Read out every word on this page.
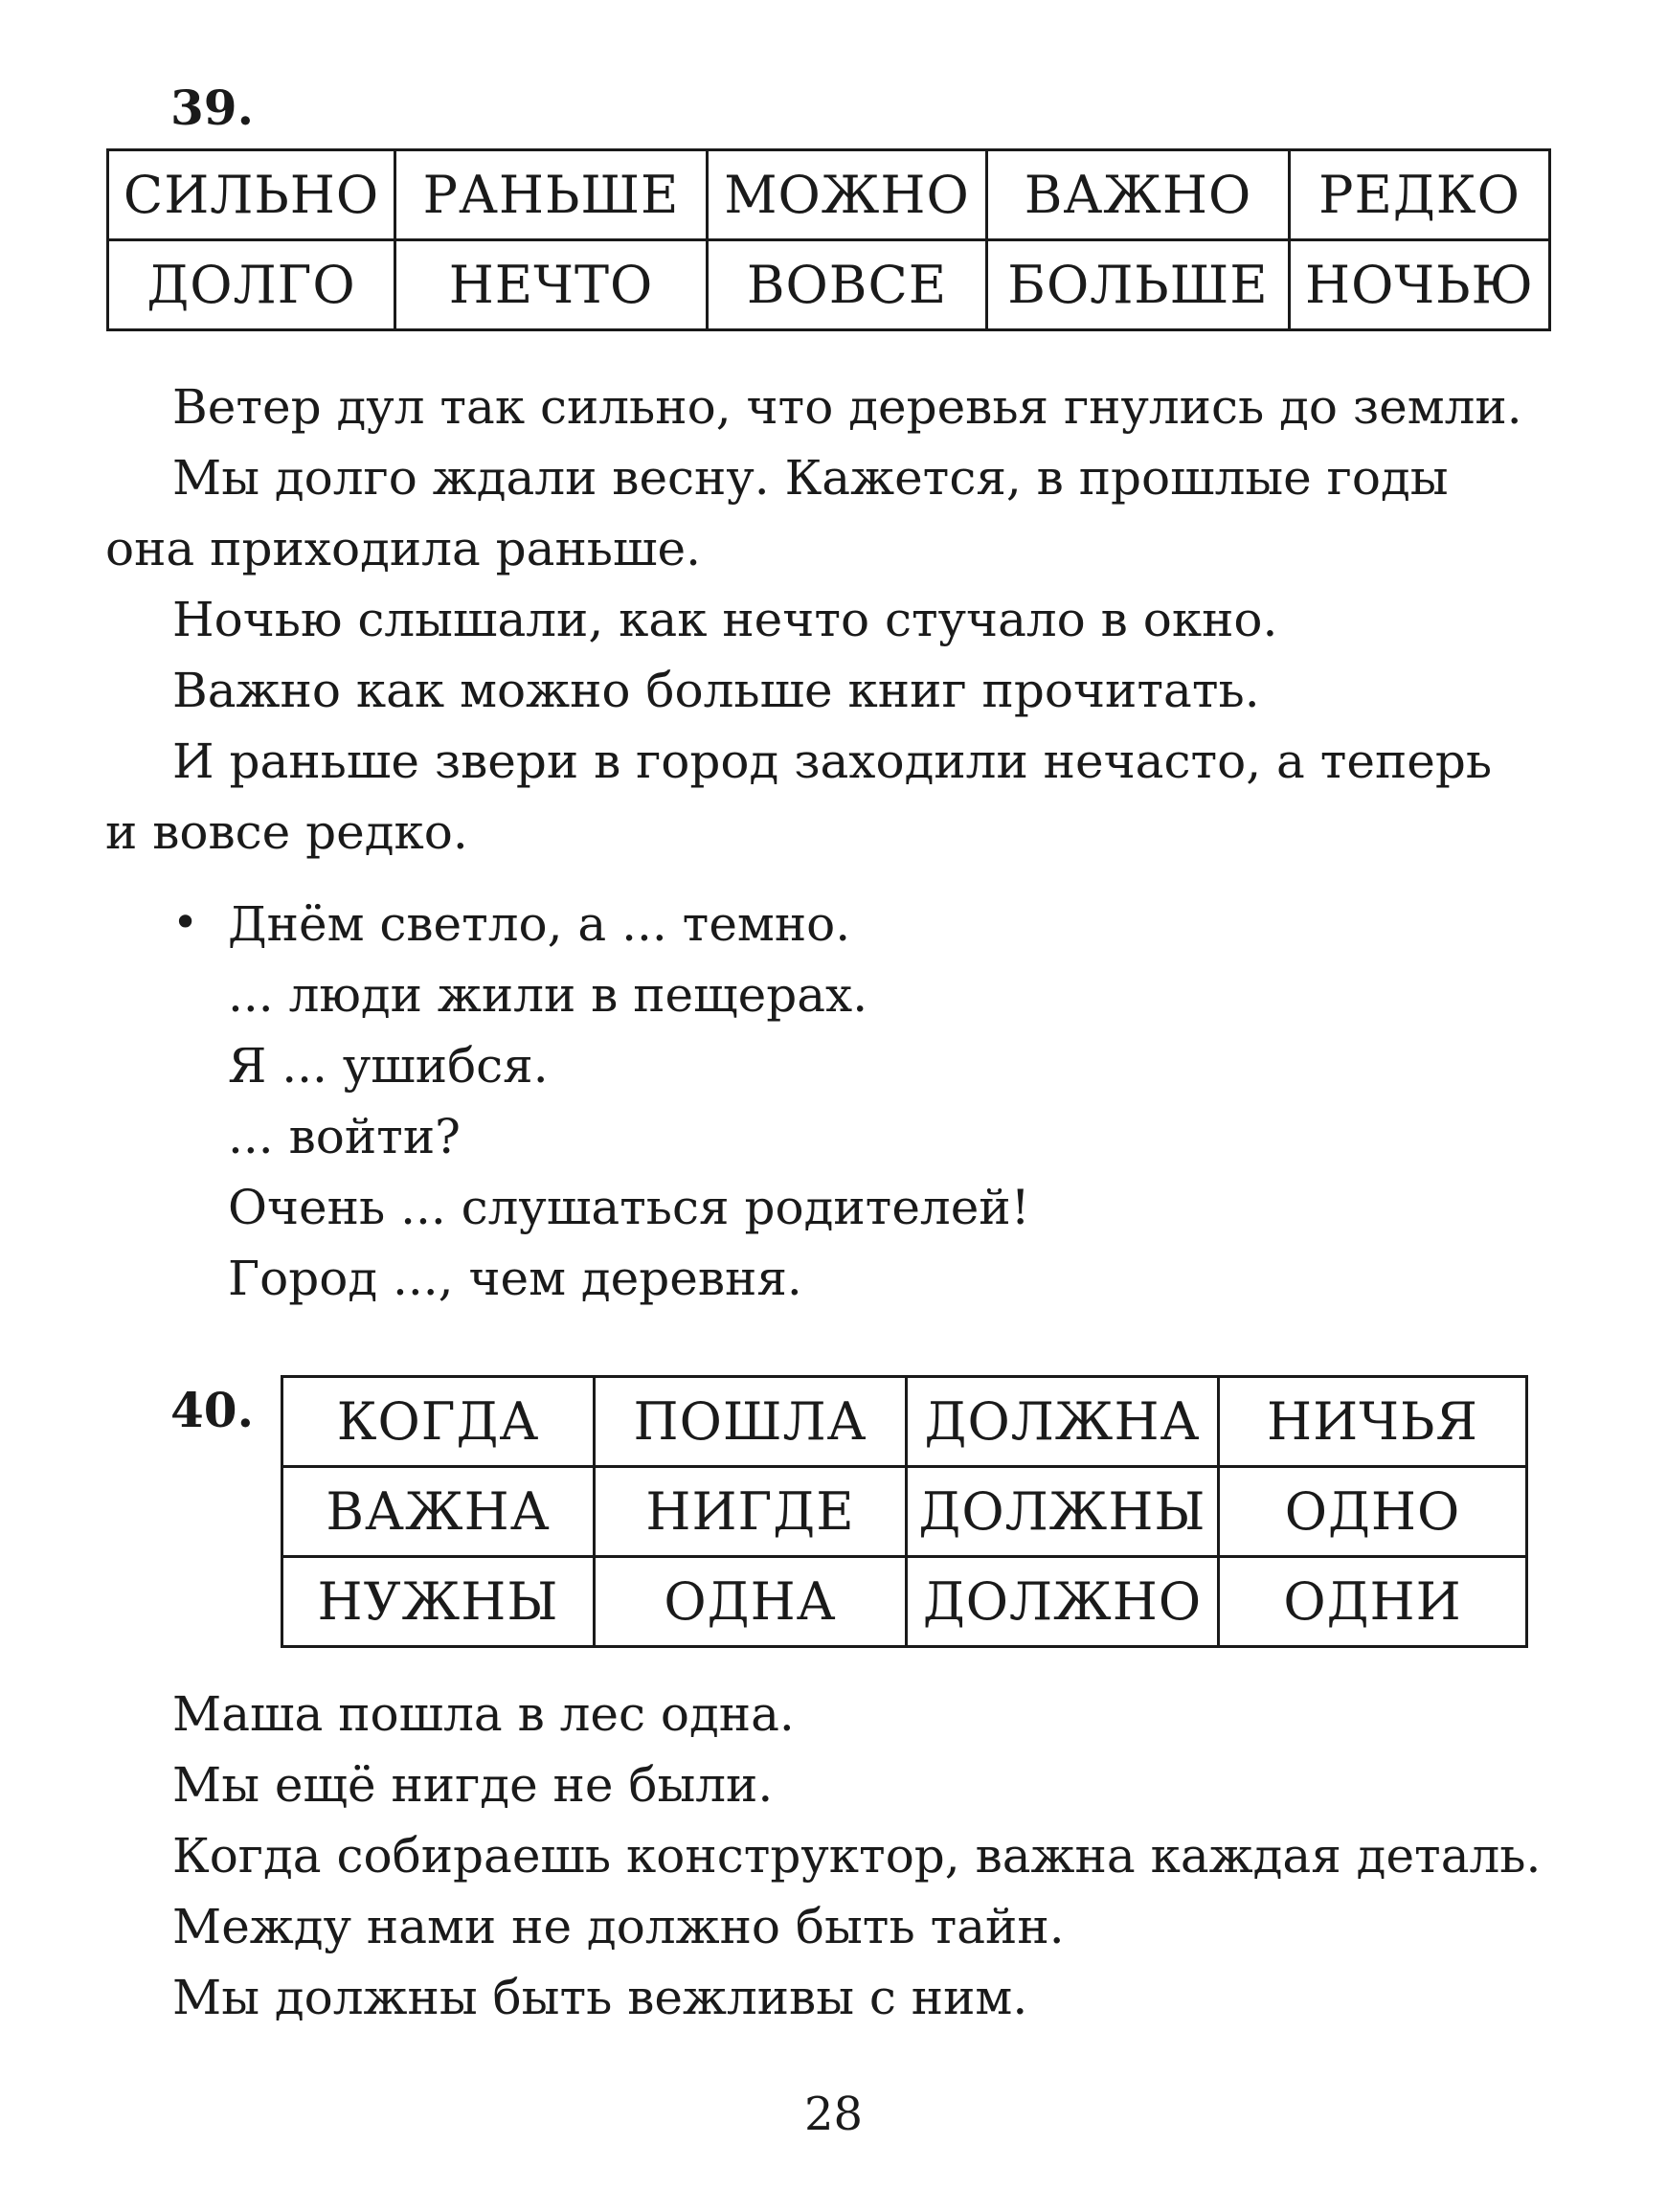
39.
СИЛЬНО	РАНЬШЕ	МОЖНО	ВАЖНО	РЕДКО
ДОЛГО	НЕЧТО	ВОВСЕ	БОЛЬШЕ	НОЧЬЮ
Ветер дул так сильно, что деревья гнулись до земли.
Мы долго ждали весну. Кажется, в прошлые годы
она приходила раньше.
Ночью слышали, как нечто стучало в окно.
Важно как можно больше книг прочитать.
И раньше звери в город заходили нечасто, а теперь
и вовсе редко.
• Днём светло, а ... темно.
... люди жили в пещерах.
Я ... ушибся.
... войти?
Очень ... слушаться родителей!
Город ..., чем деревня.
40. КОГДА	ПОШЛА	ДОЛЖНА	НИЧЬЯ
ВАЖНА	НИГДЕ	ДОЛЖНЫ	ОДНО
НУЖНЫ	ОДНА	ДОЛЖНО	ОДНИ
Маша пошла в лес одна.
Мы ещё нигде не были.
Когда собираешь конструктор, важна каждая деталь.
Между нами не должно быть тайн.
Мы должны быть вежливы с ним.
28
